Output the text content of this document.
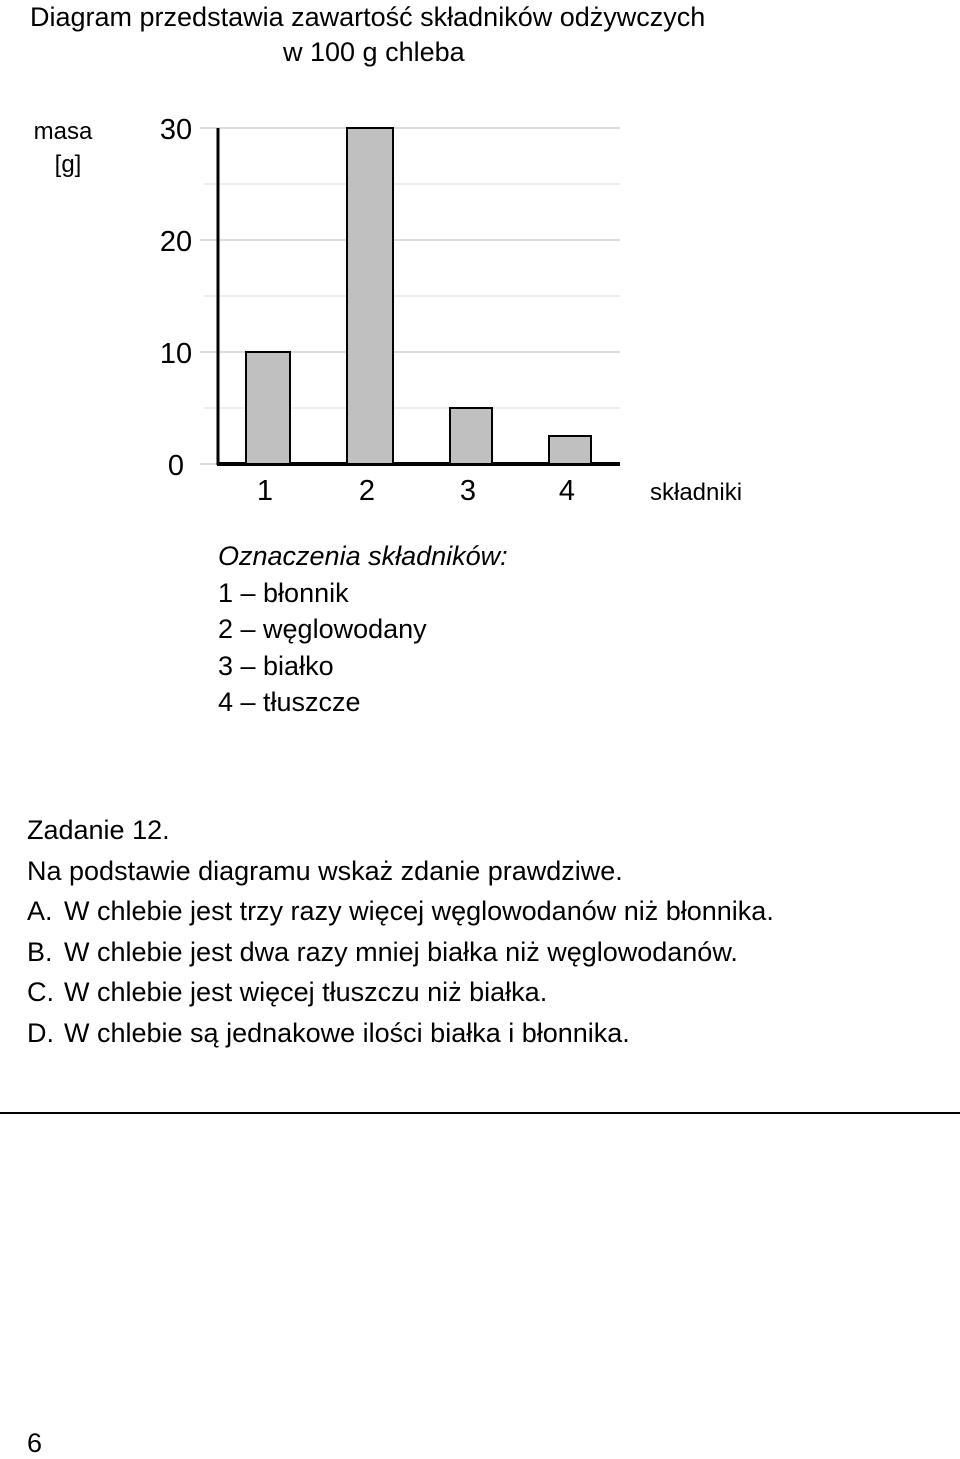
Diagram przedstawia zawartość składników odżywczych
w 100 g chleba
0
10
20
30
1	2	3	4
masa
[g]
składniki
Oznaczenia składników:
1 – błonnik
2 – węglowodany
3 – białko
4 – tłuszcze
Zadanie 12.
Na podstawie diagramu wskaż zdanie prawdziwe.
A. W chlebie jest trzy razy więcej węglowodanów niż błonnika.
B. W chlebie jest dwa razy mniej białka niż węglowodanów.
C. W chlebie jest więcej tłuszczu niż białka.
D. W chlebie są jednakowe ilości białka i błonnika.
6
